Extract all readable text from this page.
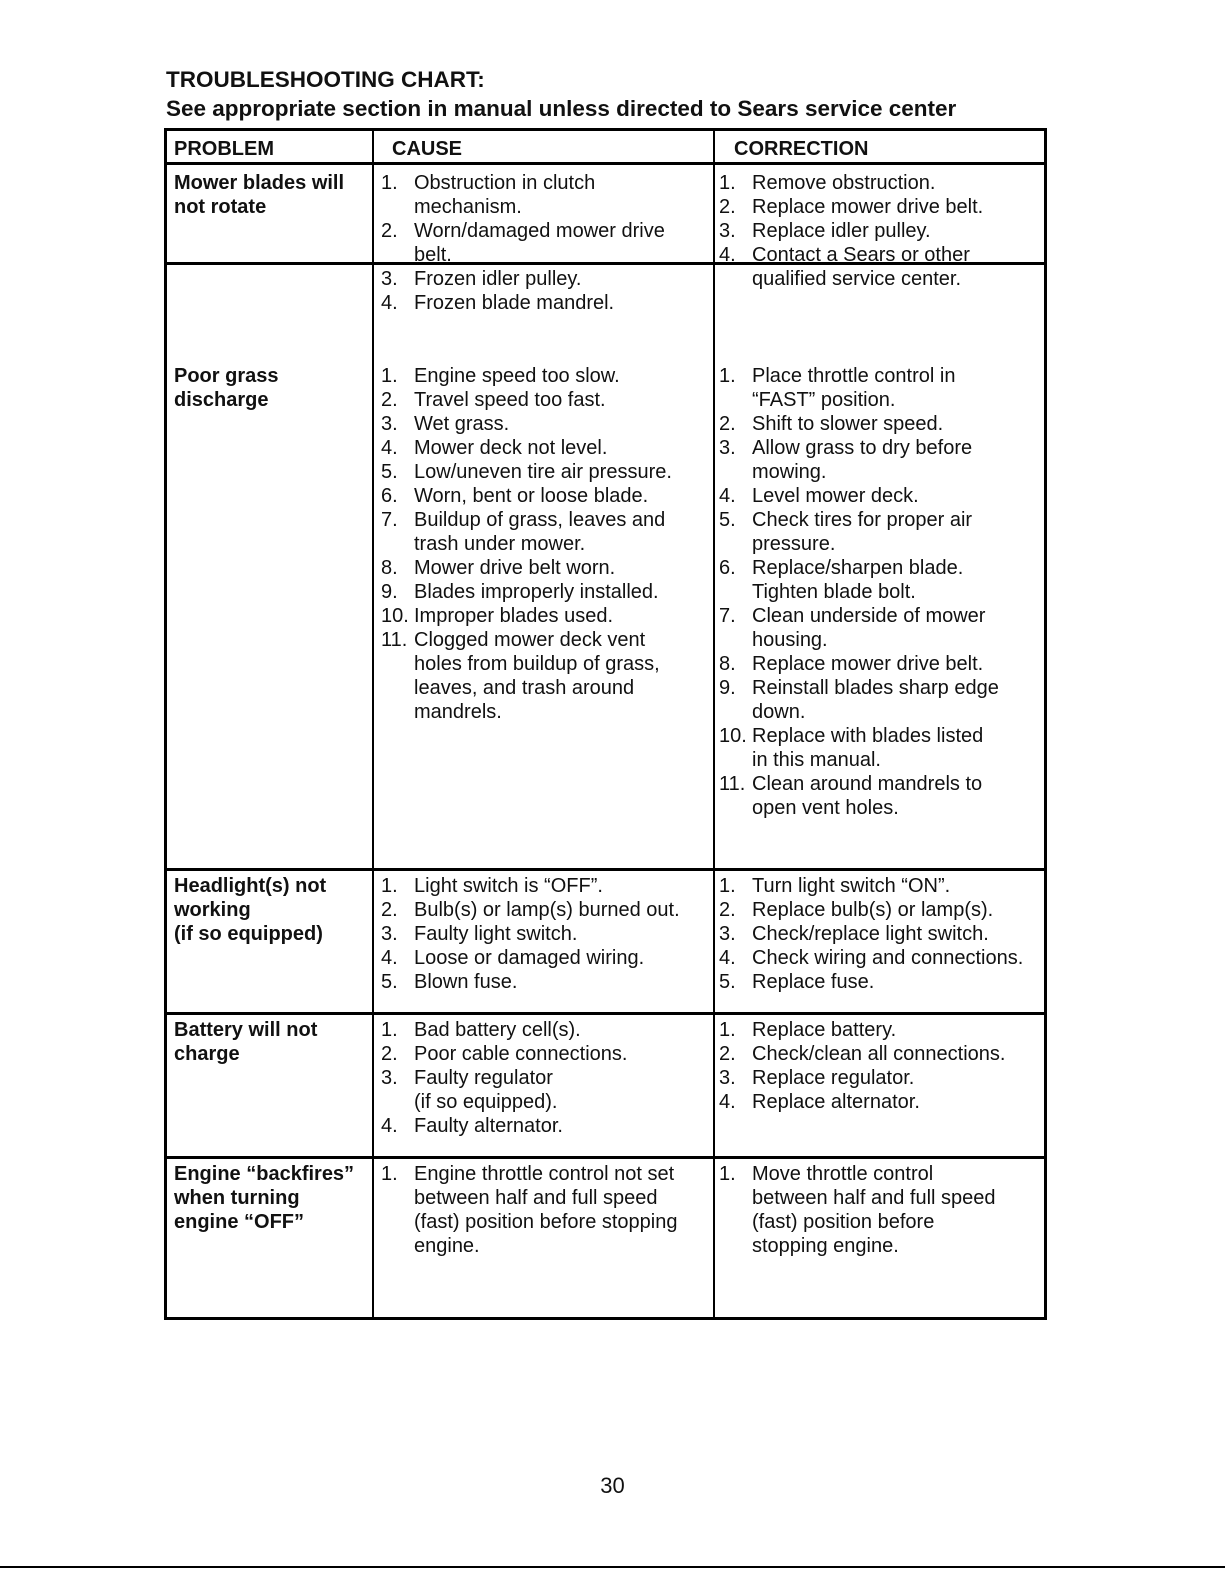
TROUBLESHOOTING CHART:
See appropriate section in manual unless directed to Sears service center
PROBLEM	CAUSE	CORRECTION
Mower blades will
not rotate
1. Obstruction in clutch
mechanism.
2. Worn/damaged mower drive
belt.
3. Frozen idler pulley.
4. Frozen blade mandrel.
1. Remove obstruction.

2. Replace mower drive belt.

3. Replace idler pulley.
4. Contact a Sears or other
qualified service center.
Poor grass
discharge
1. Engine speed too slow.

2. Travel speed too fast.
3. Wet grass.

4. Mower deck not level.
5. Low/uneven tire air pressure.

6. Worn, bent or loose blade.

7. Buildup of grass, leaves and
trash under mower.
8. Mower drive belt worn.
9. Blades improperly installed.

10. Improper blades used.

11. Clogged mower deck vent
holes from buildup of grass,
leaves, and trash around
mandrels.
1. Place throttle control in
“FAST” position.
2. Shift to slower speed.
3. Allow grass to dry before
mowing.
4. Level mower deck.
5. Check tires for proper air
pressure.
6. Replace/sharpen blade.
Tighten blade bolt.
7. Clean underside of mower
housing.
8. Replace mower drive belt.
9. Reinstall blades sharp edge
down.
10. Replace with blades listed
in this manual.
11. Clean around mandrels to
open vent holes.
Headlight(s) not
working
(if so equipped)
1. Light switch is “OFF”.
2. Bulb(s) or lamp(s) burned out.
3. Faulty light switch.
4. Loose or damaged wiring.
5. Blown fuse.
1. Turn light switch “ON”.
2. Replace bulb(s) or lamp(s).
3. Check/replace light switch.
4. Check wiring and connections.
5. Replace fuse.
Battery will not
charge
1. Bad battery cell(s).
2. Poor cable connections.
3. Faulty regulator
(if so equipped).
4. Faulty alternator.
1. Replace battery.
2. Check/clean all connections.
3. Replace regulator.

4. Replace alternator.
Engine “backfires”
when turning
engine “OFF”
1. Engine throttle control not set
between half and full speed
(fast) position before stopping
engine.
1. Move throttle control
between half and full speed
(fast) position before
stopping engine.
30
